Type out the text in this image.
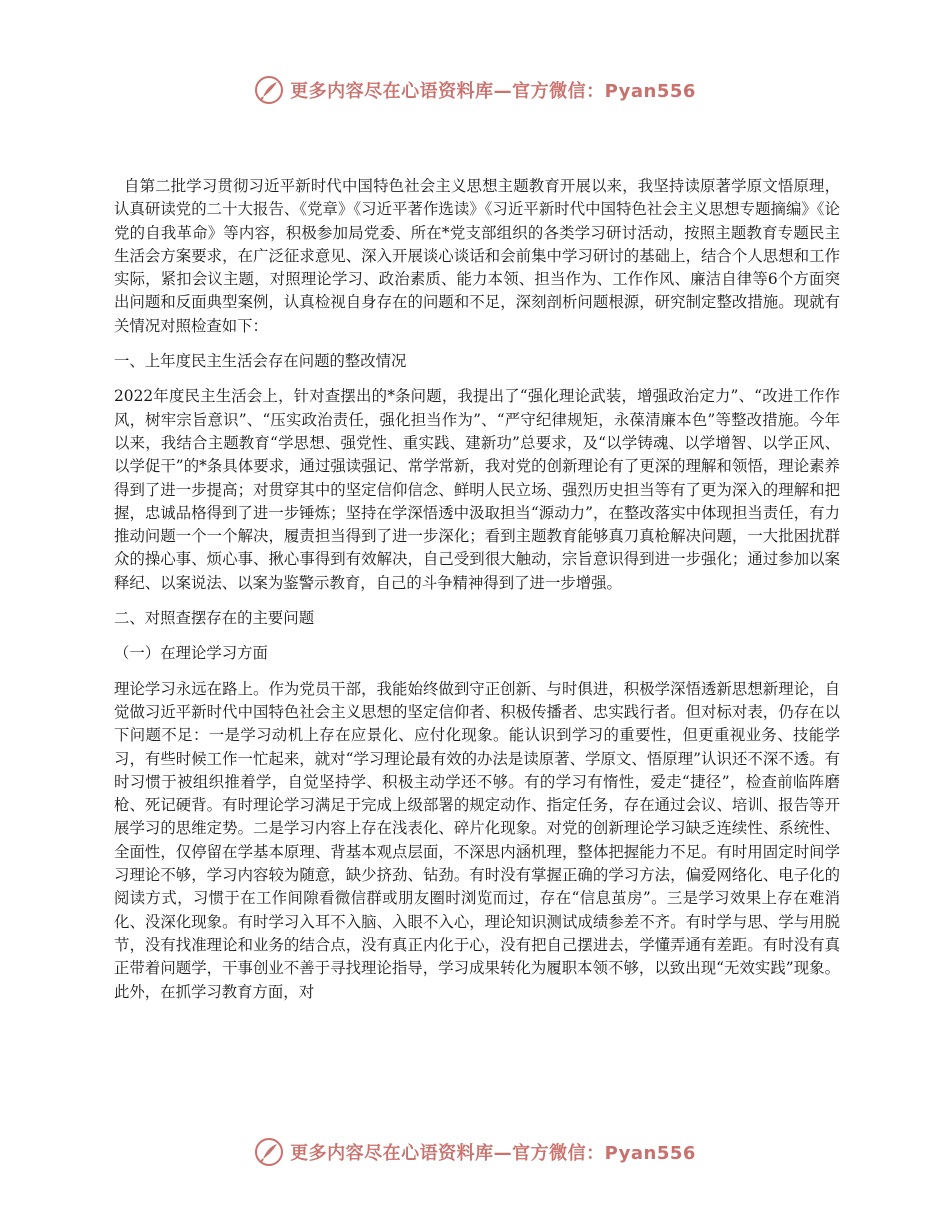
更多内容尽在心语资料库—官方微信：Pyan556

自第二批学习贯彻习近平新时代中国特色社会主义思想主题教育开展以来，我坚持读原著学原文悟原理，认真研读党的二十大报告、《党章》《习近平著作选读》《习近平新时代中国特色社会主义思想专题摘编》《论党的自我革命》等内容，积极参加局党委、所在*党支部组织的各类学习研讨活动，按照主题教育专题民主生活会方案要求，在广泛征求意见、深入开展谈心谈话和会前集中学习研讨的基础上，结合个人思想和工作实际，紧扣会议主题，对照理论学习、政治素质、能力本领、担当作为、工作作风、廉洁自律等6个方面突出问题和反面典型案例，认真检视自身存在的问题和不足，深刻剖析问题根源，研究制定整改措施。现就有关情况对照检查如下：

一、上年度民主生活会存在问题的整改情况

2022年度民主生活会上，针对查摆出的*条问题，我提出了“强化理论武装，增强政治定力”、“改进工作作风，树牢宗旨意识”、“压实政治责任，强化担当作为”、“严守纪律规矩，永葆清廉本色”等整改措施。今年以来，我结合主题教育“学思想、强党性、重实践、建新功”总要求，及“以学铸魂、以学增智、以学正风、以学促干”的*条具体要求，通过强读强记、常学常新，我对党的创新理论有了更深的理解和领悟，理论素养得到了进一步提高；对贯穿其中的坚定信仰信念、鲜明人民立场、强烈历史担当等有了更为深入的理解和把握，忠诚品格得到了进一步锤炼；坚持在学深悟透中汲取担当“源动力”，在整改落实中体现担当责任，有力推动问题一个一个解决，履责担当得到了进一步深化；看到主题教育能够真刀真枪解决问题，一大批困扰群众的操心事、烦心事、揪心事得到有效解决，自己受到很大触动，宗旨意识得到进一步强化；通过参加以案释纪、以案说法、以案为鉴警示教育，自己的斗争精神得到了进一步增强。

二、对照查摆存在的主要问题

（一）在理论学习方面

理论学习永远在路上。作为党员干部，我能始终做到守正创新、与时俱进，积极学深悟透新思想新理论，自觉做习近平新时代中国特色社会主义思想的坚定信仰者、积极传播者、忠实践行者。但对标对表，仍存在以下问题不足：一是学习动机上存在应景化、应付化现象。能认识到学习的重要性，但更重视业务、技能学习，有些时候工作一忙起来，就对“学习理论最有效的办法是读原著、学原文、悟原理”认识还不深不透。有时习惯于被组织推着学，自觉坚持学、积极主动学还不够。有的学习有惰性，爱走“捷径”，检查前临阵磨枪、死记硬背。有时理论学习满足于完成上级部署的规定动作、指定任务，存在通过会议、培训、报告等开展学习的思维定势。二是学习内容上存在浅表化、碎片化现象。对党的创新理论学习缺乏连续性、系统性、全面性，仅停留在学基本原理、背基本观点层面，不深思内涵机理，整体把握能力不足。有时用固定时间学习理论不够，学习内容较为随意，缺少挤劲、钻劲。有时没有掌握正确的学习方法，偏爱网络化、电子化的阅读方式，习惯于在工作间隙看微信群或朋友圈时浏览而过，存在“信息茧房”。三是学习效果上存在难消化、没深化现象。有时学习入耳不入脑、入眼不入心，理论知识测试成绩参差不齐。有时学与思、学与用脱节，没有找准理论和业务的结合点，没有真正内化于心，没有把自己摆进去，学懂弄通有差距。有时没有真正带着问题学，干事创业不善于寻找理论指导，学习成果转化为履职本领不够，以致出现“无效实践”现象。此外，在抓学习教育方面，对

更多内容尽在心语资料库—官方微信：Pyan556
